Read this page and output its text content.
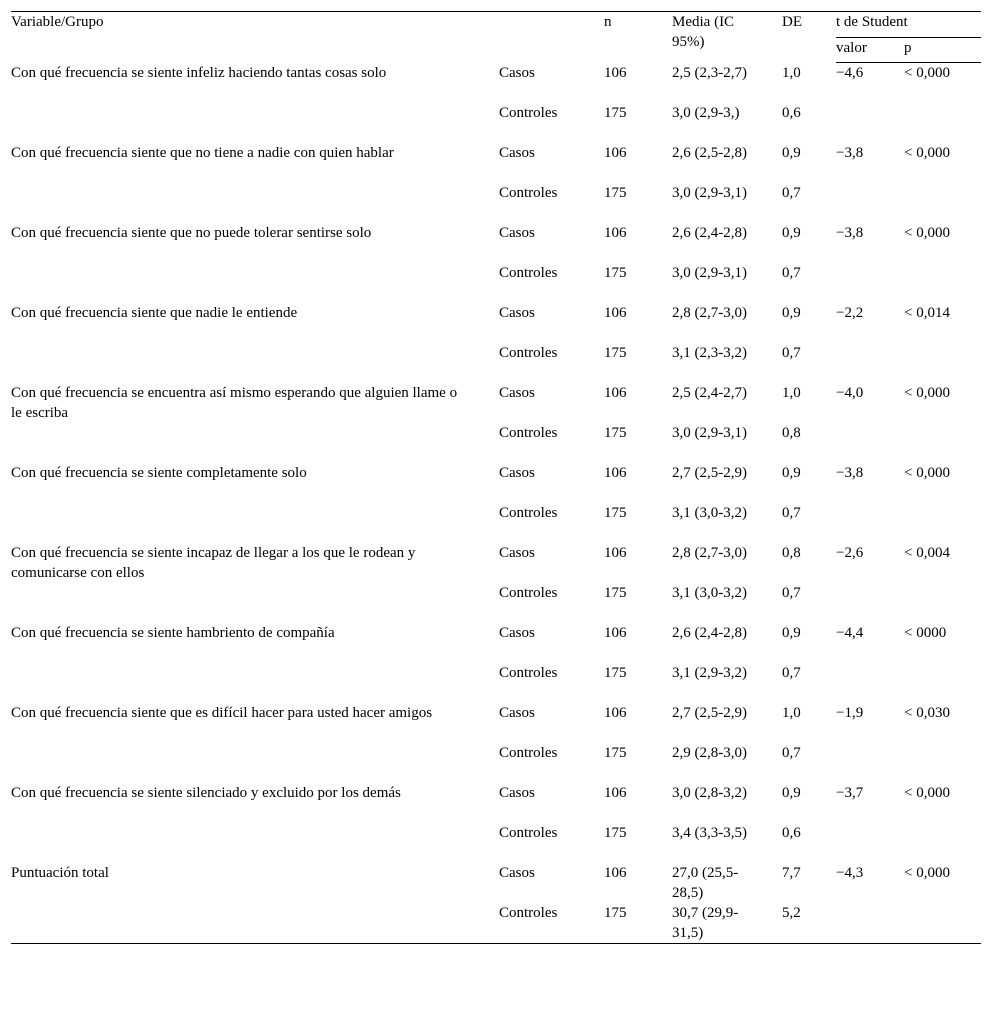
Variable/Grupo		n	Media (IC 95%)	DE	t de Student	
					valor	p
Con qué frecuencia se siente infeliz haciendo tantas cosas solo	Casos	106	2,5 (2,3-2,7)	1,0	−4,6	< 0,000
	Controles	175	3,0 (2,9-3,)	0,6		
Con qué frecuencia siente que no tiene a nadie con quien hablar	Casos	106	2,6 (2,5-2,8)	0,9	−3,8	< 0,000
	Controles	175	3,0 (2,9-3,1)	0,7		
Con qué frecuencia siente que no puede tolerar sentirse solo	Casos	106	2,6 (2,4-2,8)	0,9	−3,8	< 0,000
	Controles	175	3,0 (2,9-3,1)	0,7		
Con qué frecuencia siente que nadie le entiende	Casos	106	2,8 (2,7-3,0)	0,9	−2,2	< 0,014
	Controles	175	3,1 (2,3-3,2)	0,7		
Con qué frecuencia se encuentra así mismo esperando que alguien llame o le escriba	Casos	106	2,5 (2,4-2,7)	1,0	−4,0	< 0,000
	Controles	175	3,0 (2,9-3,1)	0,8		
Con qué frecuencia se siente completamente solo	Casos	106	2,7 (2,5-2,9)	0,9	−3,8	< 0,000
	Controles	175	3,1 (3,0-3,2)	0,7		
Con qué frecuencia se siente incapaz de llegar a los que le rodean y comunicarse con ellos	Casos	106	2,8 (2,7-3,0)	0,8	−2,6	< 0,004
	Controles	175	3,1 (3,0-3,2)	0,7		
Con qué frecuencia se siente hambriento de compañía	Casos	106	2,6 (2,4-2,8)	0,9	−4,4	< 0000
	Controles	175	3,1 (2,9-3,2)	0,7		
Con qué frecuencia siente que es difícil hacer para usted hacer amigos	Casos	106	2,7 (2,5-2,9)	1,0	−1,9	< 0,030
	Controles	175	2,9 (2,8-3,0)	0,7		
Con qué frecuencia se siente silenciado y excluido por los demás	Casos	106	3,0 (2,8-3,2)	0,9	−3,7	< 0,000
	Controles	175	3,4 (3,3-3,5)	0,6		
Puntuación total	Casos	106	27,0 (25,5-28,5)	7,7	−4,3	< 0,000
	Controles	175	30,7 (29,9-31,5)	5,2		
